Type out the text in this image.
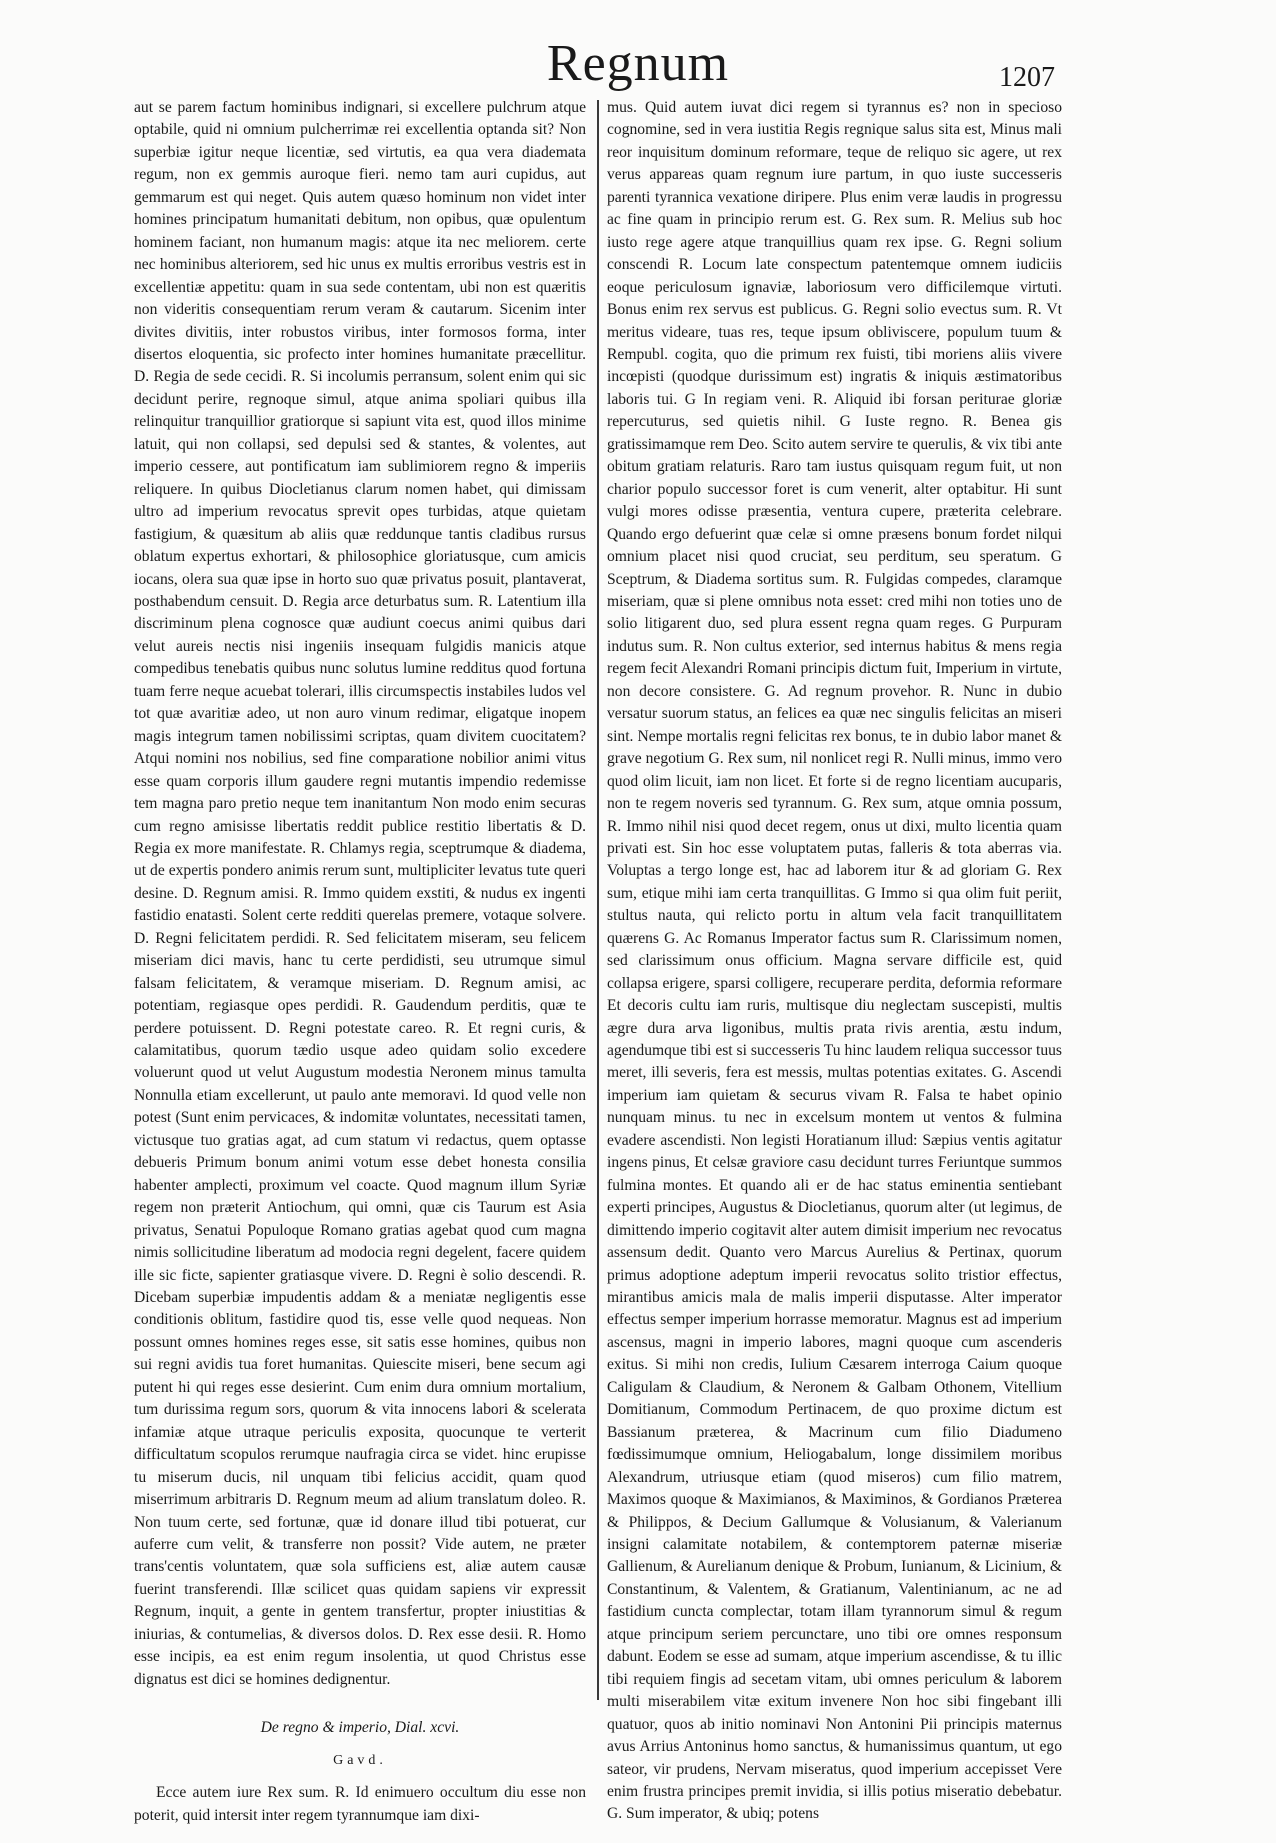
Regnum	1207

aut se parem factum hominibus indignari, si excellere pulchrum atque optabile, quid ni omnium pulcherrimæ rei excellentia optanda sit? Non superbiæ igitur neque licentiæ, sed virtutis, ea qua vera diademata regum, non ex gemmis auroque fieri. nemo tam auri cupidus, aut gemmarum est qui neget. Quis autem quæso hominum non videt inter homines principatum humanitati debitum, non opibus, quæ opulentum hominem faciant, non humanum magis: atque ita nec meliorem. certe nec hominibus alteriorem, sed hic unus ex multis erroribus vestris est in excellentiæ appetitu: quam in sua sede contentam, ubi non est quæritis non videritis consequentiam rerum veram & cautarum. Sicenim inter divites divitiis, inter robustos viribus, inter formosos forma, inter disertos eloquentia, sic profecto inter homines humanitate præcellitur. D. Regia de sede cecidi. R. Si incolumis perransum, solent enim qui sic decidunt perire, regnoque simul, atque anima spoliari quibus illa relinquitur tranquillior gratiorque si sapiunt vita est, quod illos minime latuit, qui non collapsi, sed depulsi sed & stantes, & volentes, aut imperio cessere, aut pontificatum iam sublimiorem regno & imperiis reliquere. In quibus Diocletianus clarum nomen habet, qui dimissam ultro ad imperium revocatus sprevit opes turbidas, atque quietam fastigium, & quæsitum ab aliis quæ reddunque tantis cladibus rursus oblatum expertus exhortari, & philosophice gloriatusque, cum amicis iocans, olera sua quæ ipse in horto suo quæ privatus posuit, plantaverat, posthabendum censuit. D. Regia arce deturbatus sum. R. Latentium illa discriminum plena cognosce quæ audiunt coecus animi quibus dari velut aureis nectis nisi ingeniis insequam fulgidis manicis atque compedibus tenebatis quibus nunc solutus lumine redditus quod fortuna tuam ferre neque acuebat tolerari, illis circumspectis instabiles ludos vel tot quæ avaritiæ adeo, ut non auro vinum redimar, eligatque inopem magis integrum tamen nobilissimi scriptas, quam divitem cuocitatem? Atqui nomini nos nobilius, sed fine comparatione nobilior animi vitus esse quam corporis illum gaudere regni mutantis impendio redemisse tem magna paro pretio neque tem inanitantum Non modo enim securas cum regno amisisse libertatis reddit publice restitio libertatis & D. Regia ex more manifestate. R. Chlamys regia, sceptrumque & diadema, ut de expertis pondero animis rerum sunt, multipliciter levatus tute queri desine. D. Regnum amisi. R. Immo quidem exstiti, & nudus ex ingenti fastidio enatasti. Solent certe redditi querelas premere, votaque solvere. D. Regni felicitatem perdidi. R. Sed felicitatem miseram, seu felicem miseriam dici mavis, hanc tu certe perdidisti, seu utrumque simul falsam felicitatem, & veramque miseriam. D. Regnum amisi, ac potentiam, regiasque opes perdidi. R. Gaudendum perditis, quæ te perdere potuissent. D. Regni potestate careo. R. Et regni curis, & calamitatibus, quorum tædio usque adeo quidam solio excedere voluerunt quod ut velut Augustum modestia Neronem minus tamulta Nonnulla etiam excellerunt, ut paulo ante memoravi. Id quod velle non potest (Sunt enim pervicaces, & indomitæ voluntates, necessitati tamen, victusque tuo gratias agat, ad cum statum vi redactus, quem optasse debueris Primum bonum animi votum esse debet honesta consilia habenter amplecti, proximum vel coacte. Quod magnum illum Syriæ regem non præterit Antiochum, qui omni, quæ cis Taurum est Asia privatus, Senatui Populoque Romano gratias agebat quod cum magna nimis sollicitudine liberatum ad modocia regni degelent, facere quidem ille sic ficte, sapienter gratiasque vivere. D. Regni è solio descendi. R. Dicebam superbiæ impudentis addam & a meniatæ negligentis esse conditionis oblitum, fastidire quod tis, esse velle quod nequeas. Non possunt omnes homines reges esse, sit satis esse homines, quibus non sui regni avidis tua foret humanitas. Quiescite miseri, bene secum agi putent hi qui reges esse desierint. Cum enim dura omnium mortalium, tum durissima regum sors, quorum & vita innocens labori & scelerata infamiæ atque utraque periculis exposita, quocunque te verterit difficultatum scopulos rerumque naufragia circa se videt. hinc erupisse tu miserum ducis, nil unquam tibi felicius accidit, quam quod miserrimum arbitraris D. Regnum meum ad alium translatum doleo. R. Non tuum certe, sed fortunæ, quæ id donare illud tibi potuerat, cur auferre cum velit, & transferre non possit? Vide autem, ne præter trans'centis voluntatem, quæ sola sufficiens est, aliæ autem causæ fuerint transferendi. Illæ scilicet quas quidam sapiens vir expressit Regnum, inquit, a gente in gentem transfertur, propter iniustitias & iniurias, & contumelias, & diversos dolos. D. Rex esse desii. R. Homo esse incipis, ea est enim regum insolentia, ut quod Christus esse dignatus est dici se homines dedignentur.

De regno & imperio, Dial. xcvi.

Gavd.

Ecce autem iure Rex sum. R. Id enimuero occultum diu esse non poterit, quid intersit inter regem tyrannumque iam dixi-

mus. Quid autem iuvat dici regem si tyrannus es? non in specioso cognomine, sed in vera iustitia Regis regnique salus sita est, Minus mali reor inquisitum dominum reformare, teque de reliquo sic agere, ut rex verus appareas quam regnum iure partum, in quo iuste successeris parenti tyrannica vexatione diripere. Plus enim veræ laudis in progressu ac fine quam in principio rerum est. G. Rex sum. R. Melius sub hoc iusto rege agere atque tranquillius quam rex ipse. G. Regni solium conscendi R. Locum late conspectum patentemque omnem iudiciis eoque periculosum ignaviæ, laboriosum vero difficilemque virtuti. Bonus enim rex servus est publicus. G. Regni solio evectus sum. R. Vt meritus videare, tuas res, teque ipsum obliviscere, populum tuum & Rempubl. cogita, quo die primum rex fuisti, tibi moriens aliis vivere incœpisti (quodque durissimum est) ingratis & iniquis æstimatoribus laboris tui. G In regiam veni. R. Aliquid ibi forsan periturae gloriæ repercuturus, sed quietis nihil. G Iuste regno. R. Benea gis gratissimamque rem Deo. Scito autem servire te querulis, & vix tibi ante obitum gratiam relaturis. Raro tam iustus quisquam regum fuit, ut non charior populo successor foret is cum venerit, alter optabitur. Hi sunt vulgi mores odisse præsentia, ventura cupere, præterita celebrare. Quando ergo defuerint quæ celæ si omne præsens bonum fordet nilqui omnium placet nisi quod cruciat, seu perditum, seu speratum. G Sceptrum, & Diadema sortitus sum. R. Fulgidas compedes, claramque miseriam, quæ si plene omnibus nota esset: cred mihi non toties uno de solio litigarent duo, sed plura essent regna quam reges. G Purpuram indutus sum. R. Non cultus exterior, sed internus habitus & mens regia regem fecit Alexandri Romani principis dictum fuit, Imperium in virtute, non decore consistere. G. Ad regnum provehor. R. Nunc in dubio versatur suorum status, an felices ea quæ nec singulis felicitas an miseri sint. Nempe mortalis regni felicitas rex bonus, te in dubio labor manet & grave negotium G. Rex sum, nil nonlicet regi R. Nulli minus, immo vero quod olim licuit, iam non licet. Et forte si de regno licentiam aucuparis, non te regem noveris sed tyrannum. G. Rex sum, atque omnia possum, R. Immo nihil nisi quod decet regem, onus ut dixi, multo licentia quam privati est. Sin hoc esse voluptatem putas, falleris & tota aberras via. Voluptas a tergo longe est, hac ad laborem itur & ad gloriam G. Rex sum, etique mihi iam certa tranquillitas. G Immo si qua olim fuit periit, stultus nauta, qui relicto portu in altum vela facit tranquillitatem quærens G. Ac Romanus Imperator factus sum R. Clarissimum nomen, sed clarissimum onus officium. Magna servare difficile est, quid collapsa erigere, sparsi colligere, recuperare perdita, deformia reformare Et decoris cultu iam ruris, multisque diu neglectam suscepisti, multis ægre dura arva ligonibus, multis prata rivis arentia, æstu indum, agendumque tibi est si successeris Tu hinc laudem reliqua successor tuus meret, illi severis, fera est messis, multas potentias exitates. G. Ascendi imperium iam quietam & securus vivam R. Falsa te habet opinio nunquam minus. tu nec in excelsum montem ut ventos & fulmina evadere ascendisti. Non legisti Horatianum illud: Sæpius ventis agitatur ingens pinus, Et celsæ graviore casu decidunt turres Feriuntque summos fulmina montes. Et quando ali er de hac status eminentia sentiebant experti principes, Augustus & Diocletianus, quorum alter (ut legimus, de dimittendo imperio cogitavit alter autem dimisit imperium nec revocatus assensum dedit. Quanto vero Marcus Aurelius & Pertinax, quorum primus adoptione adeptum imperii revocatus solito tristior effectus, mirantibus amicis mala de malis imperii disputasse. Alter imperator effectus semper imperium horrasse memoratur. Magnus est ad imperium ascensus, magni in imperio labores, magni quoque cum ascenderis exitus. Si mihi non credis, Iulium Cæsarem interroga Caium quoque Caligulam & Claudium, & Neronem & Galbam Othonem, Vitellium Domitianum, Commodum Pertinacem, de quo proxime dictum est Bassianum præterea, & Macrinum cum filio Diadumeno fœdissimumque omnium, Heliogabalum, longe dissimilem moribus Alexandrum, utriusque etiam (quod miseros) cum filio matrem, Maximos quoque & Maximianos, & Maximinos, & Gordianos Præterea & Philippos, & Decium Gallumque & Volusianum, & Valerianum insigni calamitate notabilem, & contemptorem paternæ miseriæ Gallienum, & Aurelianum denique & Probum, Iunianum, & Licinium, & Constantinum, & Valentem, & Gratianum, Valentinianum, ac ne ad fastidium cuncta complectar, totam illam tyrannorum simul & regum atque principum seriem percunctare, uno tibi ore omnes responsum dabunt. Eodem se esse ad sumam, atque imperium ascendisse, & tu illic tibi requiem fingis ad secetam vitam, ubi omnes periculum & laborem multi miserabilem vitæ exitum invenere Non hoc sibi fingebant illi quatuor, quos ab initio nominavi Non Antonini Pii principis maternus avus Arrius Antoninus homo sanctus, & humanissimus quantum, ut ego sateor, vir prudens, Nervam miseratus, quod imperium accepisset Vere enim frustra principes premit invidia, si illis potius miseratio debebatur. G. Sum imperator, & ubiq; potens
